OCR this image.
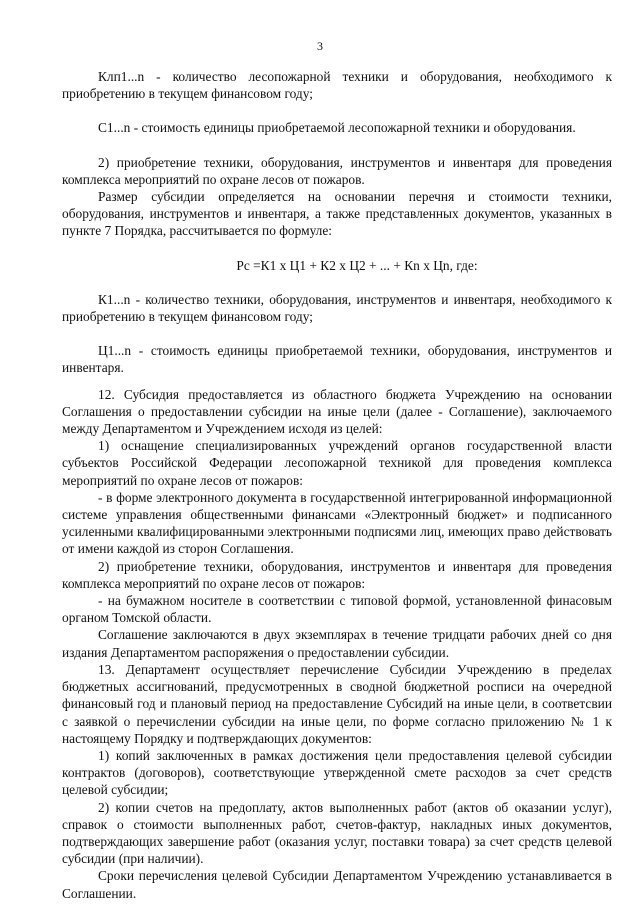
3

Клп1...n - количество лесопожарной техники и оборудования, необходимого к приобретению в текущем финансовом году;

С1...n - стоимость единицы приобретаемой лесопожарной техники и оборудования.

2) приобретение техники, оборудования, инструментов и инвентаря для проведения комплекса мероприятий по охране лесов от пожаров.

Размер субсидии определяется на основании перечня и стоимости техники, оборудования, инструментов и инвентаря, а также представленных документов, указанных в пункте 7 Порядка, рассчитывается по формуле:

Рс =К1 х Ц1 + К2 х Ц2 + ... + Кn х Цn, где:

К1...n - количество техники, оборудования, инструментов и инвентаря, необходимого к приобретению в текущем финансовом году;

Ц1...n - стоимость единицы приобретаемой техники, оборудования, инструментов и инвентаря.

12. Субсидия предоставляется из областного бюджета Учреждению на основании Соглашения о предоставлении субсидии на иные цели (далее - Соглашение), заключаемого между Департаментом и Учреждением исходя из целей:

1) оснащение специализированных учреждений органов государственной власти субъектов Российской Федерации лесопожарной техникой для проведения комплекса мероприятий по охране лесов от пожаров:

- в форме электронного документа в государственной интегрированной информационной системе управления общественными финансами «Электронный бюджет» и подписанного усиленными квалифицированными электронными подписями лиц, имеющих право действовать от имени каждой из сторон Соглашения.

2) приобретение техники, оборудования, инструментов и инвентаря для проведения комплекса мероприятий по охране лесов от пожаров:

- на бумажном носителе в соответствии с типовой формой, установленной финасовым органом Томской области.

Соглашение заключаются в двух экземплярах в течение тридцати рабочих дней со дня издания Департаментом распоряжения о предоставлении субсидии.

13. Департамент осуществляет перечисление Субсидии Учреждению в пределах бюджетных ассигнований, предусмотренных в сводной бюджетной росписи на очередной финансовый год и плановый период на предоставление Субсидий на иные цели, в соответсвии с заявкой о перечислении субсидии на иные цели, по форме согласно приложению № 1 к настоящему Порядку и подтверждающих документов:

1) копий заключенных в рамках достижения цели предоставления целевой субсидии контрактов (договоров), соответствующие утвержденной смете расходов за счет средств целевой субсидии;

2) копии счетов на предоплату, актов выполненных работ (актов об оказании услуг), справок о стоимости выполненных работ, счетов-фактур, накладных иных документов, подтверждающих завершение работ (оказания услуг, поставки товара) за счет средств целевой субсидии (при наличии).

Сроки перечисления целевой Субсидии Департаментом Учреждению устанавливается в Соглашении.
